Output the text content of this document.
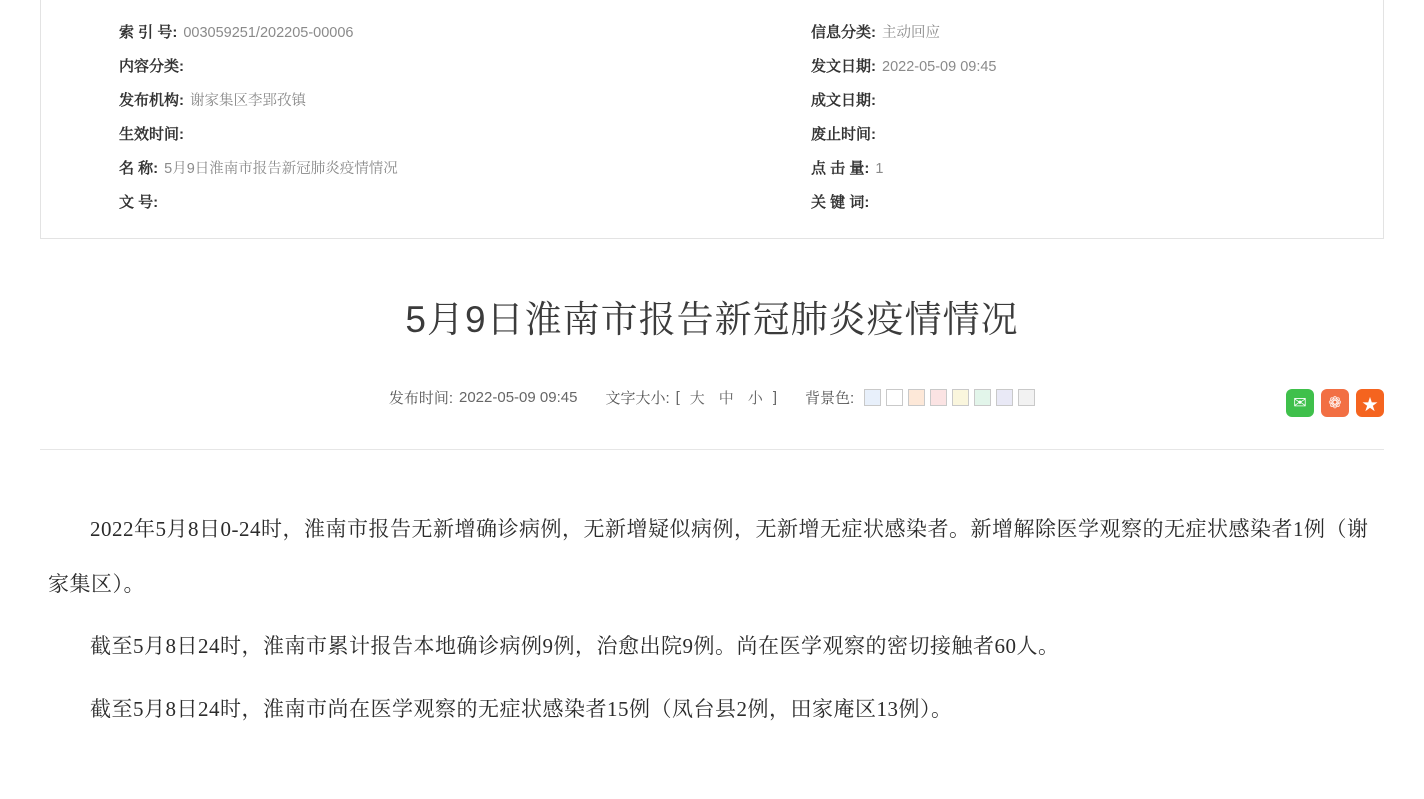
索 引 号: 003059251/202205-00006
内容分类:
发布机构: 谢家集区李郢孜镇
生效时间:
名 称: 5月9日淮南市报告新冠肺炎疫情情况
文 号:
信息分类: 主动回应
发文日期: 2022-05-09 09:45
成文日期:
废止时间:
点 击 量: 1
关 键 词:
5月9日淮南市报告新冠肺炎疫情情况
发布时间: 2022-05-09 09:45 文字大小: [ 大 中 小 ] 背景色:	✉	❁	★

2022年5月8日0-24时，淮南市报告无新增确诊病例，无新增疑似病例，无新增无症状感染者。新增解除医学观察的无症状感染者1例（谢家集区）。

截至5月8日24时，淮南市累计报告本地确诊病例9例，治愈出院9例。尚在医学观察的密切接触者60人。

截至5月8日24时，淮南市尚在医学观察的无症状感染者15例（凤台县2例，田家庵区13例）。
